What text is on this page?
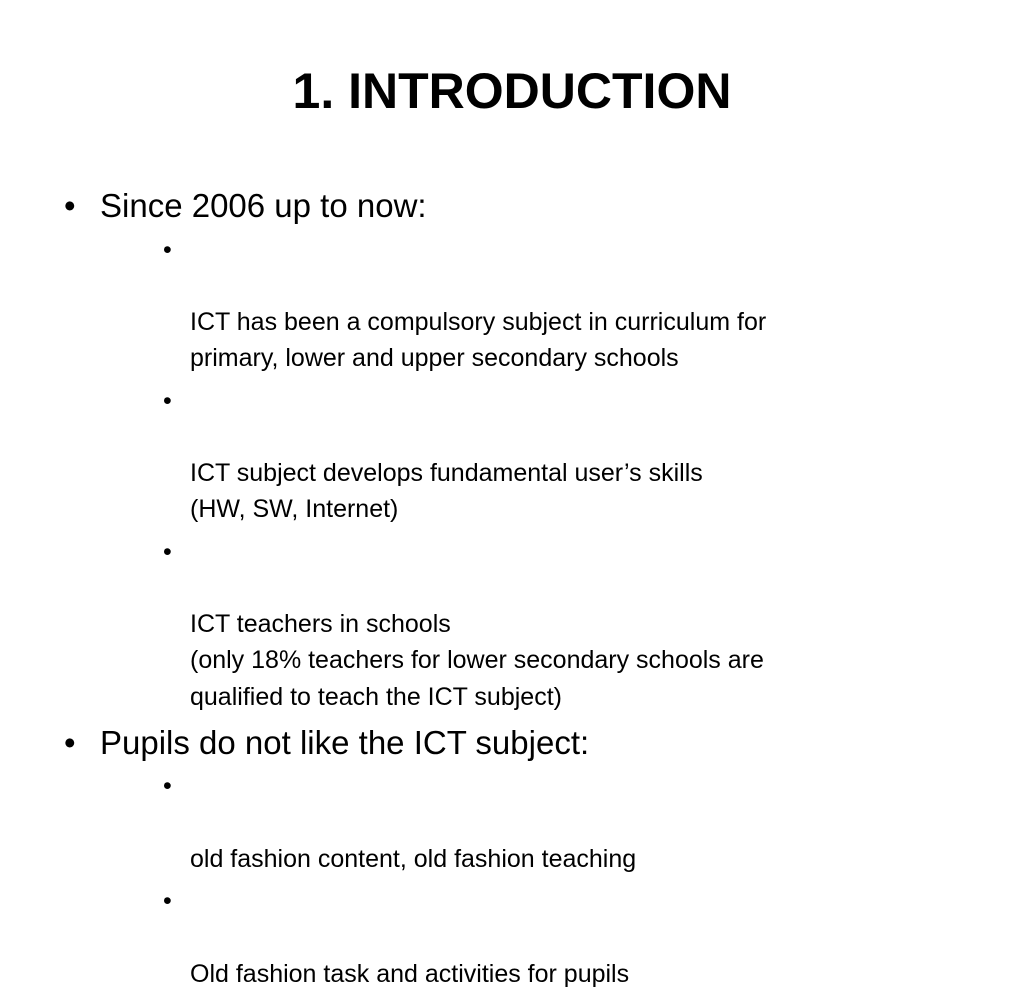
1. INTRODUCTION

• Since 2006 up to now:

•

ICT has been a compulsory subject in curriculum for
primary, lower and upper secondary schools

•

ICT subject develops fundamental user’s skills
(HW, SW, Internet)

•

ICT teachers in schools
(only 18% teachers for lower secondary schools are
qualified to teach the ICT subject)

• Pupils do not like the ICT subject:

•

old fashion content, old fashion teaching

•

Old fashion task and activities for pupils
